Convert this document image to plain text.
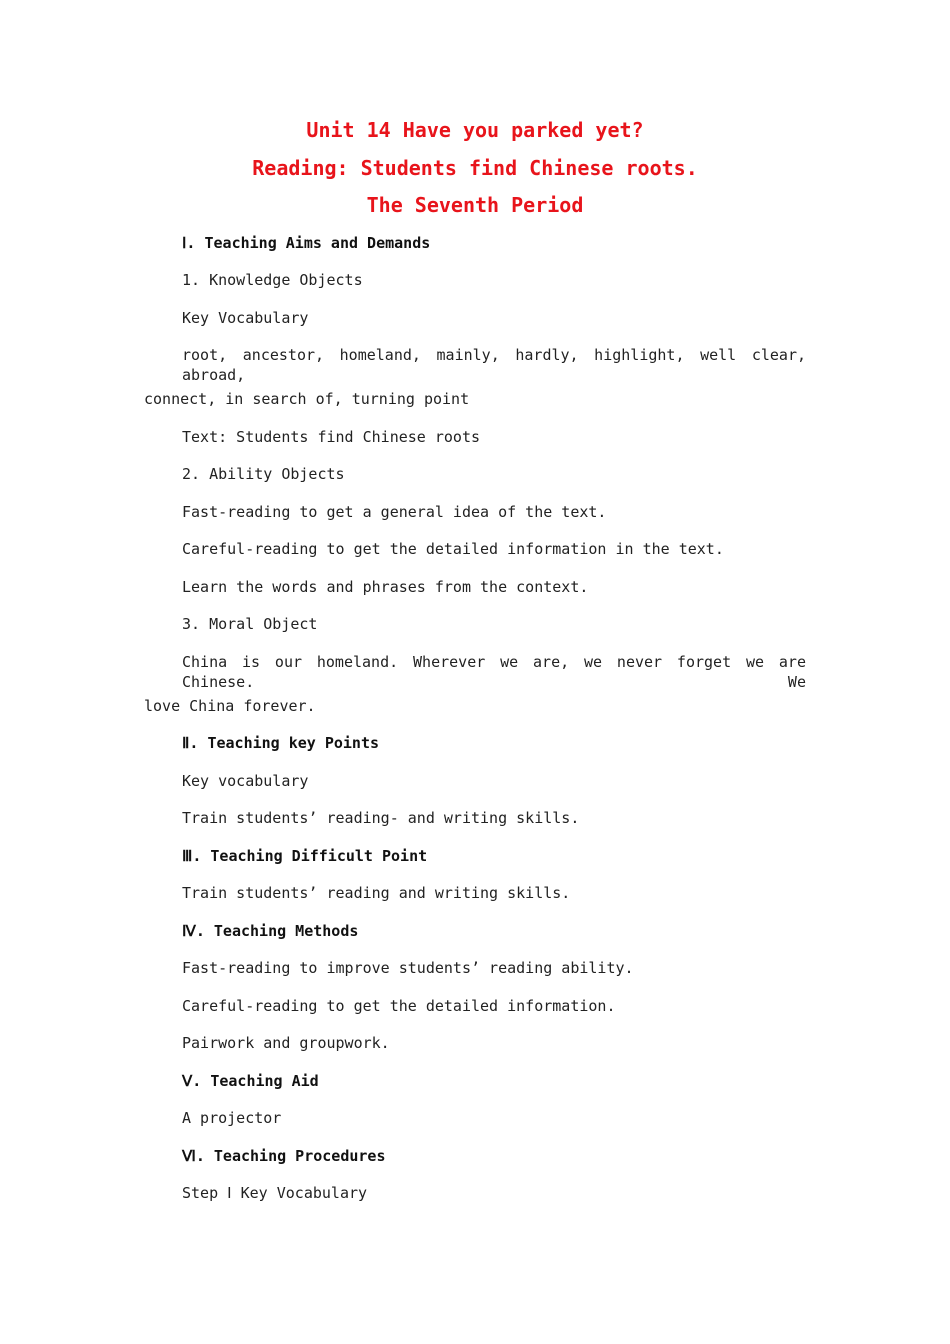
Unit 14 Have you parked yet?
Reading: Students find Chinese roots.
The Seventh Period
Ⅰ. Teaching Aims and Demands
1. Knowledge Objects
Key Vocabulary
root, ancestor, homeland, mainly, hardly, highlight, well clear, abroad,
connect, in search of, turning point
Text: Students find Chinese roots
2. Ability Objects
Fast-reading to get a general idea of the text.
Careful-reading to get the detailed information in the text.
Learn the words and phrases from the context.
3. Moral Object
China is our homeland. Wherever we are, we never forget we are Chinese. We
love China forever.
Ⅱ. Teaching key Points
Key vocabulary
Train students’ reading- and writing skills.
Ⅲ. Teaching Difficult Point
Train students’ reading and writing skills.
Ⅳ. Teaching Methods
Fast-reading to improve students’ reading ability.
Careful-reading to get the detailed information.
Pairwork and groupwork.
Ⅴ. Teaching Aid
A projector
Ⅵ. Teaching Procedures
Step Ⅰ Key Vocabulary
